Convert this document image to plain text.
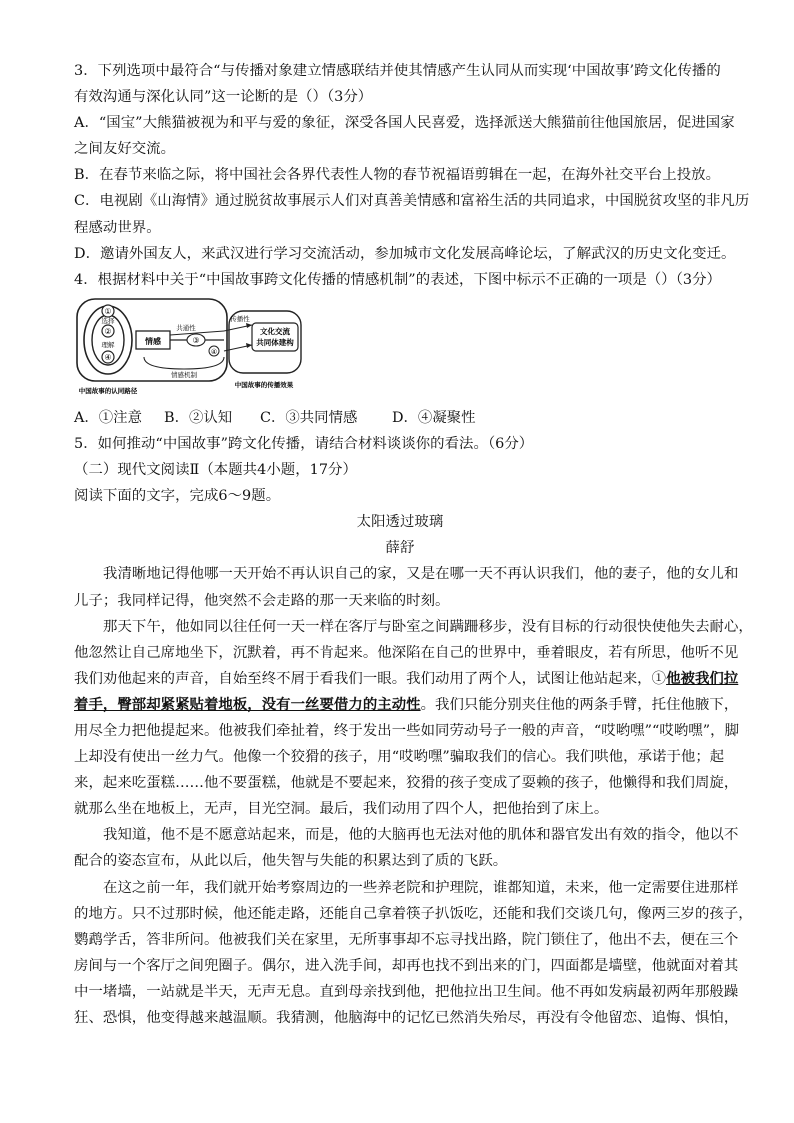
3．下列选项中最符合“与传播对象建立情感联结并使其情感产生认同从而实现‘中国故事’跨文化传播的
有效沟通与深化认同”这一论断的是（）（3分）
A．“国宝”大熊猫被视为和平与爱的象征，深受各国人民喜爱，选择派送大熊猫前往他国旅居，促进国家
之间友好交流。
B．在春节来临之际，将中国社会各界代表性人物的春节祝福语剪辑在一起，在海外社交平台上投放。
C．电视剧《山海情》通过脱贫故事展示人们对真善美情感和富裕生活的共同追求，中国脱贫攻坚的非凡历
程感动世界。
D．邀请外国友人，来武汉进行学习交流活动，参加城市文化发展高峰论坛，了解武汉的历史文化变迁。
4．根据材料中关于“中国故事跨文化传播的情感机制”的表述，下图中标示不正确的一项是（）（3分）
①
选择
②
理解
④
情感	③
共通性
④
传播性
文化交流
共同体建构
情感机制
中国故事的认同路径
中国故事的传播效果
A．①注意	B．②认知	C．③共同情感	D．④凝聚性
5．如何推动“中国故事”跨文化传播，请结合材料谈谈你的看法。（6分）
（二）现代文阅读Ⅱ（本题共4小题，17分）
阅读下面的文字，完成6～9题。
太阳透过玻璃
薛舒
我清晰地记得他哪一天开始不再认识自己的家，又是在哪一天不再认识我们，他的妻子，他的女儿和
儿子；我同样记得，他突然不会走路的那一天来临的时刻。
那天下午，他如同以往任何一天一样在客厅与卧室之间蹒跚移步，没有目标的行动很快使他失去耐心，
他忽然让自己席地坐下，沉默着，再不肯起来。他深陷在自己的世界中，垂着眼皮，若有所思，他听不见
我们劝他起来的声音，自始至终不屑于看我们一眼。我们动用了两个人，试图让他站起来，①他被我们拉
着手，臀部却紧紧贴着地板，没有一丝要借力的主动性。我们只能分别夹住他的两条手臂，托住他腋下，
用尽全力把他提起来。他被我们牵扯着，终于发出一些如同劳动号子一般的声音，“哎哟嘿”“哎哟嘿”，脚
上却没有使出一丝力气。他像一个狡猾的孩子，用“哎哟嘿”骗取我们的信心。我们哄他，承诺于他；起
来，起来吃蛋糕……他不要蛋糕，他就是不要起来，狡猾的孩子变成了耍赖的孩子，他懒得和我们周旋，
就那么坐在地板上，无声，目光空洞。最后，我们动用了四个人，把他抬到了床上。
我知道，他不是不愿意站起来，而是，他的大脑再也无法对他的肌体和器官发出有效的指令，他以不
配合的姿态宣布，从此以后，他失智与失能的积累达到了质的飞跃。
在这之前一年，我们就开始考察周边的一些养老院和护理院，谁都知道，未来，他一定需要住进那样
的地方。只不过那时候，他还能走路，还能自己拿着筷子扒饭吃，还能和我们交谈几句，像两三岁的孩子，
鹦鹉学舌，答非所问。他被我们关在家里，无所事事却不忘寻找出路，院门锁住了，他出不去，便在三个
房间与一个客厅之间兜圈子。偶尔，进入洗手间，却再也找不到出来的门，四面都是墙壁，他就面对着其
中一堵墙，一站就是半天，无声无息。直到母亲找到他，把他拉出卫生间。他不再如发病最初两年那般躁
狂、恐惧，他变得越来越温顺。我猜测，他脑海中的记忆已然消失殆尽，再没有令他留恋、追悔、惧怕，
